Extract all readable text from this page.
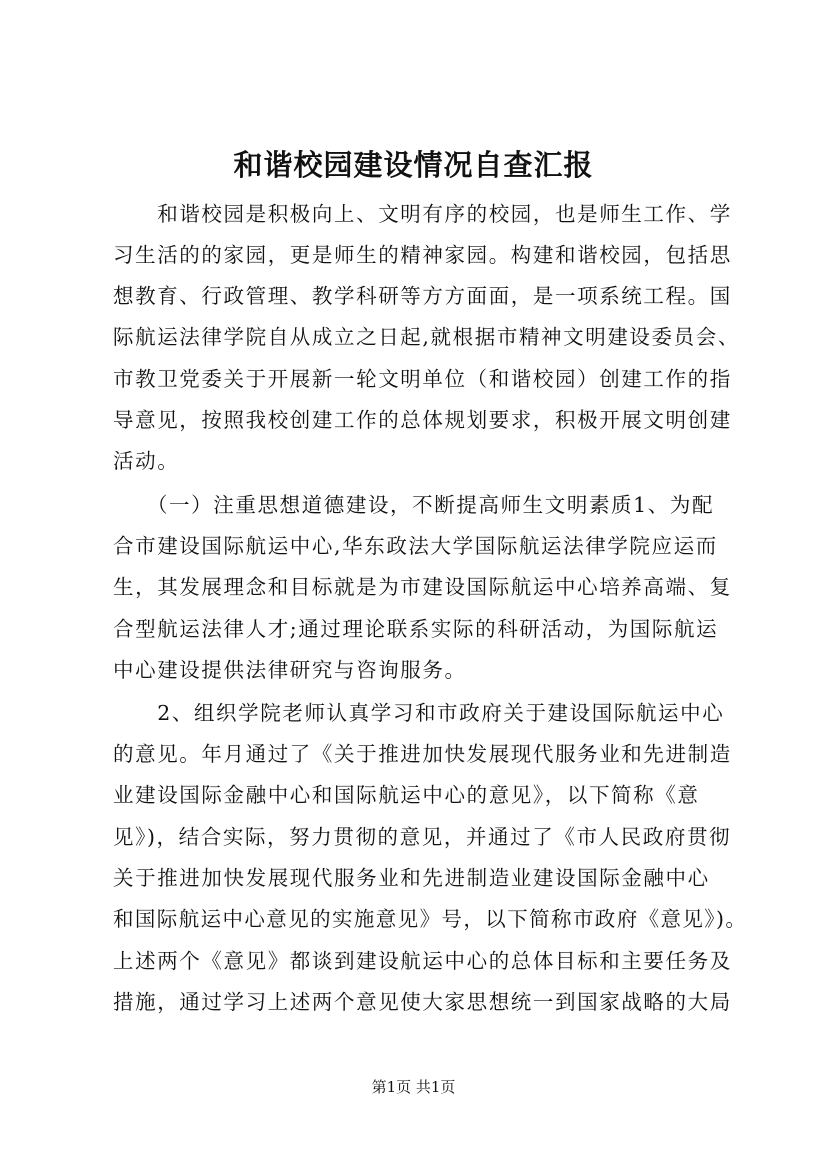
和谐校园建设情况自查汇报
　　和谐校园是积极向上、文明有序的校园，也是师生工作、学
习生活的的家园，更是师生的精神家园。构建和谐校园，包括思
想教育、行政管理、教学科研等方方面面，是一项系统工程。国
际航运法律学院自从成立之日起,就根据市精神文明建设委员会、
市教卫党委关于开展新一轮文明单位（和谐校园）创建工作的指
导意见，按照我校创建工作的总体规划要求，积极开展文明创建
活动。
　　（一）注重思想道德建设，不断提高师生文明素质1、为配
合市建设国际航运中心,华东政法大学国际航运法律学院应运而
生，其发展理念和目标就是为市建设国际航运中心培养高端、复
合型航运法律人才;通过理论联系实际的科研活动，为国际航运
中心建设提供法律研究与咨询服务。
　　2、组织学院老师认真学习和市政府关于建设国际航运中心
的意见。年月通过了《关于推进加快发展现代服务业和先进制造
业建设国际金融中心和国际航运中心的意见》，以下简称《意
见》)，结合实际，努力贯彻的意见，并通过了《市人民政府贯彻
关于推进加快发展现代服务业和先进制造业建设国际金融中心
和国际航运中心意见的实施意见》号，以下简称市政府《意见》)。
上述两个《意见》都谈到建设航运中心的总体目标和主要任务及
措施，通过学习上述两个意见使大家思想统一到国家战略的大局
第1页 共1页
